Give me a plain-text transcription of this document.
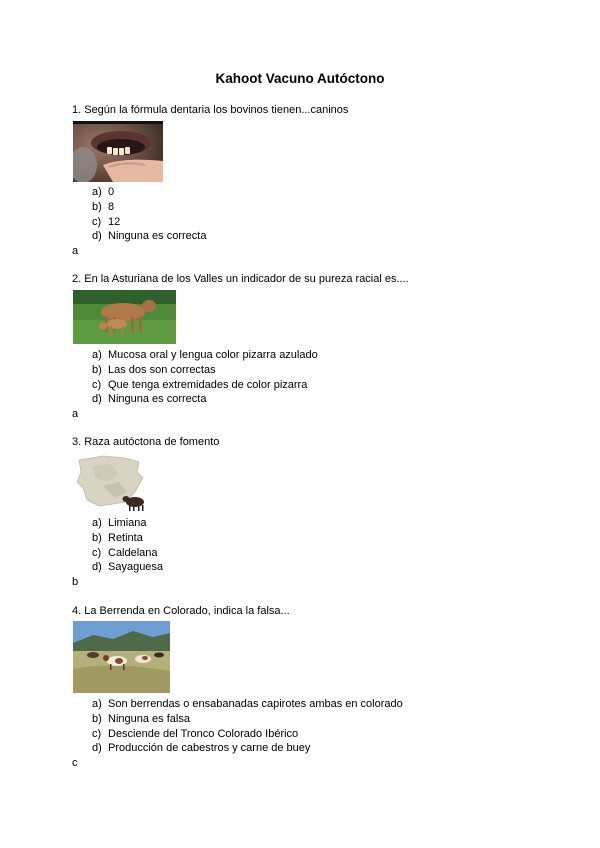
Kahoot Vacuno Autóctono
1. Según la fórmula dentaria los bovinos tienen...caninos
a) 0
b) 8
c) 12
d) Ninguna es correcta
a
2. En la Asturiana de los Valles un indicador de su pureza racial es....
a) Mucosa oral y lengua color pizarra azulado
b) Las dos son correctas
c) Que tenga extremidades de color pizarra
d) Ninguna es correcta
a
3. Raza autóctona de fomento
a) Limiana
b) Retinta
c) Caldelana
d) Sayaguesa
b
4. La Berrenda en Colorado, indica la falsa...
a) Son berrendas o ensabanadas capirotes ambas en colorado
b) Ninguna es falsa
c) Desciende del Tronco Colorado Ibérico
d) Producción de cabestros y carne de buey
c
